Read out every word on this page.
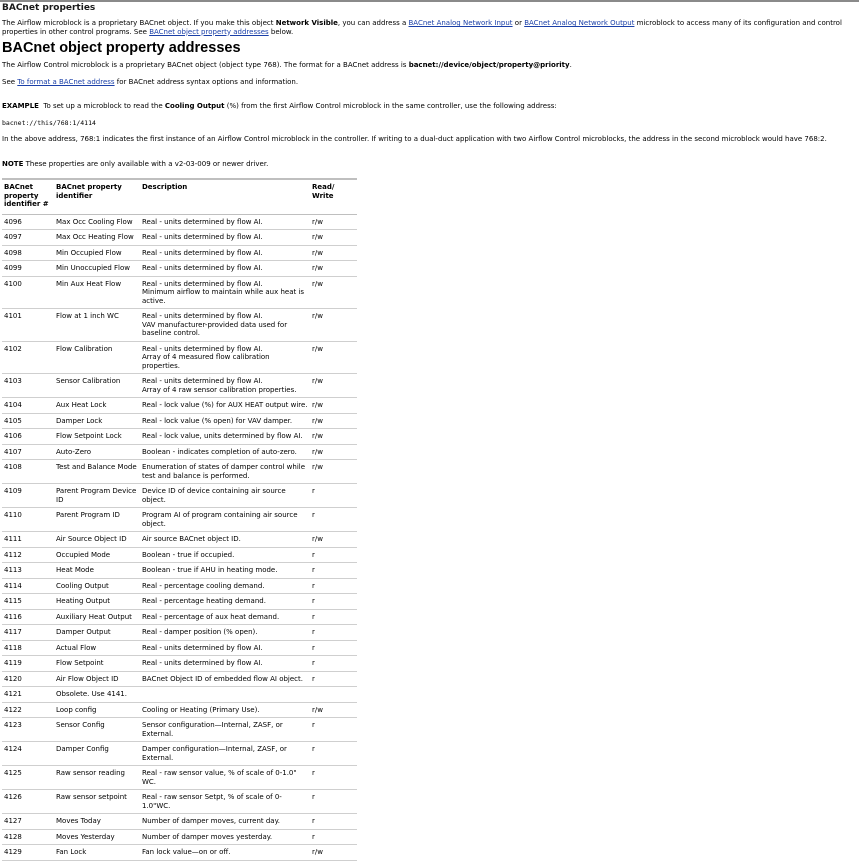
BACnet properties

The Airflow microblock is a proprietary BACnet object. If you make this object Network Visible, you can address a BACnet Analog Network Input or BACnet Analog Network Output microblock to access many of its configuration and control properties in other control programs. See BACnet object property addresses below.

BACnet object property addresses

The Airflow Control microblock is a proprietary BACnet object (object type 768). The format for a BACnet address is bacnet://device/object/property@priority.

See To format a BACnet address for BACnet address syntax options and information.

EXAMPLE  To set up a microblock to read the Cooling Output (%) from the first Airflow Control microblock in the same controller, use the following address:

bacnet://this/768:1/4114

In the above address, 768:1 indicates the first instance of an Airflow Control microblock in the controller. If writing to a dual-duct application with two Airflow Control microblocks, the address in the second microblock would have 768:2.

NOTE These properties are only available with a v2-03-009 or newer driver.

BACnet property identifier #	BACnet property identifier	Description	Read/ Write
4096	Max Occ Cooling Flow	Real - units determined by flow AI.	r/w
4097	Max Occ Heating Flow	Real - units determined by flow AI.	r/w
4098	Min Occupied Flow	Real - units determined by flow AI.	r/w
4099	Min Unoccupied Flow	Real - units determined by flow AI.	r/w
4100	Min Aux Heat Flow	Real - units determined by flow AI.
Minimum airflow to maintain while aux heat is active.	r/w
4101	Flow at 1 inch WC	Real - units determined by flow AI.
VAV manufacturer-provided data used for baseline control.	r/w
4102	Flow Calibration	Real - units determined by flow AI.
Array of 4 measured flow calibration properties.	r/w
4103	Sensor Calibration	Real - units determined by flow AI.
Array of 4 raw sensor calibration properties.	r/w
4104	Aux Heat Lock	Real - lock value (%) for AUX HEAT output wire.	r/w
4105	Damper Lock	Real - lock value (% open) for VAV damper.	r/w
4106	Flow Setpoint Lock	Real - lock value, units determined by flow AI.	r/w
4107	Auto-Zero	Boolean - indicates completion of auto-zero.	r/w
4108	Test and Balance Mode	Enumeration of states of damper control while test and balance is performed.	r/w
4109	Parent Program Device ID	Device ID of device containing air source object.	r
4110	Parent Program ID	Program AI of program containing air source object.	r
4111	Air Source Object ID	Air source BACnet object ID.	r/w
4112	Occupied Mode	Boolean - true if occupied.	r
4113	Heat Mode	Boolean - true if AHU in heating mode.	r
4114	Cooling Output	Real - percentage cooling demand.	r
4115	Heating Output	Real - percentage heating demand.	r
4116	Auxiliary Heat Output	Real - percentage of aux heat demand.	r
4117	Damper Output	Real - damper position (% open).	r
4118	Actual Flow	Real - units determined by flow AI.	r
4119	Flow Setpoint	Real - units determined by flow AI.	r
4120	Air Flow Object ID	BACnet Object ID of embedded flow AI object.	r
4121	Obsolete. Use 4141.		
4122	Loop config	Cooling or Heating (Primary Use).	r/w
4123	Sensor Config	Sensor configuration—Internal, ZASF, or External.	r
4124	Damper Config	Damper configuration—Internal, ZASF, or External.	r
4125	Raw sensor reading	Real - raw sensor value, % of scale of 0-1.0" WC.	r
4126	Raw sensor setpoint	Real - raw sensor Setpt, % of scale of 0-1.0"WC.	r
4127	Moves Today	Number of damper moves, current day.	r
4128	Moves Yesterday	Number of damper moves yesterday.	r
4129	Fan Lock	Fan lock value—on or off.	r/w
